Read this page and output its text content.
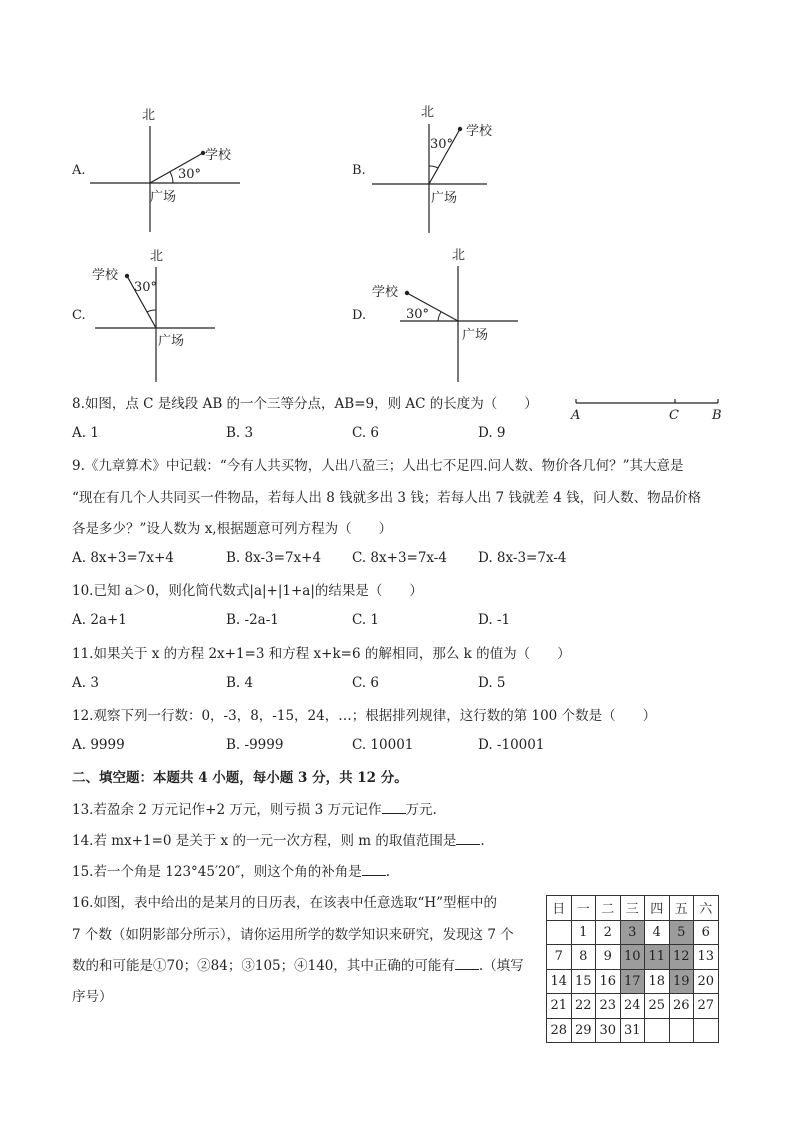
A.
北
学校
30°
广场
B.
北
学校
30°
广场
C.
北
学校
30°
广场
D.
北
学校
30°
广场
8.如图，点 C 是线段 AB 的一个三等分点，AB=9，则 AC 的长度为（　　）
A	C	B
A. 1	B. 3	C. 6	D. 9
9.《九章算术》中记载：“今有人共买物，人出八盈三；人出七不足四.问人数、物价各几何？”其大意是
“现在有几个人共同买一件物品，若每人出 8 钱就多出 3 钱；若每人出 7 钱就差 4 钱，问人数、物品价格
各是多少？”设人数为 x,根据题意可列方程为（　　）
A. 8x+3=7x+4	B. 8x-3=7x+4 C. 8x+3=7x-4 D. 8x-3=7x-4
10.已知 a＞0，则化简代数式|a|+|1+a|的结果是（　　）
A. 2a+1	B. -2a-1	C. 1	D. -1
11.如果关于 x 的方程 2x+1=3 和方程 x+k=6 的解相同，那么 k 的值为（　　）
A. 3	B. 4	C. 6	D. 5
12.观察下列一行数：0，-3，8，-15，24，…；根据排列规律，这行数的第 100 个数是（　　）
A. 9999	B. -9999	C. 10001	D. -10001
二、填空题：本题共 4 小题，每小题 3 分，共 12 分。
13.若盈余 2 万元记作+2 万元，则亏损 3 万元记作 万元.
14.若 mx+1=0 是关于 x 的一元一次方程，则 m 的取值范围是 .
15.若一个角是 123°45′20″，则这个角的补角是 .
16.如图，表中给出的是某月的日历表，在该表中任意选取“H”型框中的
7 个数（如阴影部分所示），请你运用所学的数学知识来研究，发现这 7 个
数的和可能是①70；②84；③105；④140，其中正确的可能有 .（填写
序号）
日	一	二	三	四	五	六
	1	2	3	4	5	6
7	8	9	10	11	12	13
14	15	16	17	18	19	20
21	22	23	24	25	26	27
28	29	30	31			
